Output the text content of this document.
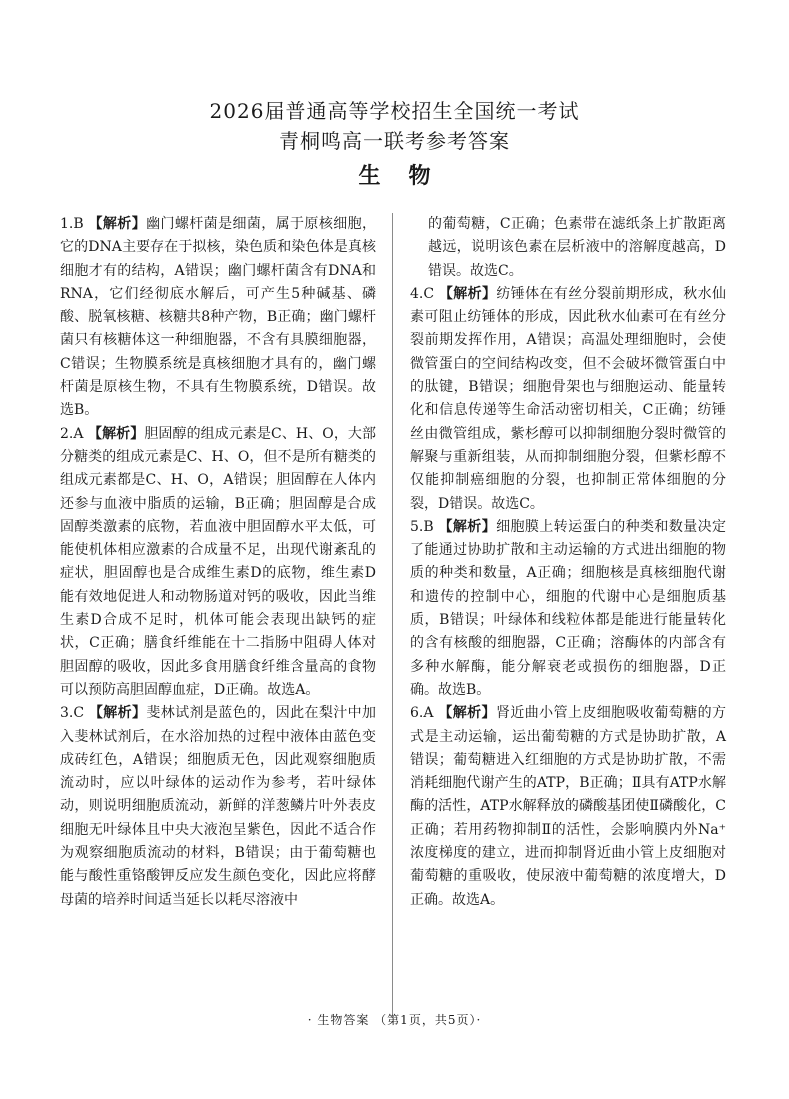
2026届普通高等学校招生全国统一考试
青桐鸣高一联考参考答案
生物

1.B 【解析】幽门螺杆菌是细菌，属于原核细胞，它的DNA主要存在于拟核，染色质和染色体是真核细胞才有的结构，A错误；幽门螺杆菌含有DNA和RNA，它们经彻底水解后，可产生5种碱基、磷酸、脱氧核糖、核糖共8种产物，B正确；幽门螺杆菌只有核糖体这一种细胞器，不含有具膜细胞器，C错误；生物膜系统是真核细胞才具有的，幽门螺杆菌是原核生物，不具有生物膜系统，D错误。故选B。

2.A 【解析】胆固醇的组成元素是C、H、O，大部分糖类的组成元素是C、H、O，但不是所有糖类的组成元素都是C、H、O，A错误；胆固醇在人体内还参与血液中脂质的运输，B正确；胆固醇是合成固醇类激素的底物，若血液中胆固醇水平太低，可能使机体相应激素的合成量不足，出现代谢紊乱的症状，胆固醇也是合成维生素D的底物，维生素D能有效地促进人和动物肠道对钙的吸收，因此当维生素D合成不足时，机体可能会表现出缺钙的症状，C正确；膳食纤维能在十二指肠中阻碍人体对胆固醇的吸收，因此多食用膳食纤维含量高的食物可以预防高胆固醇血症，D正确。故选A。

3.C 【解析】斐林试剂是蓝色的，因此在梨汁中加入斐林试剂后，在水浴加热的过程中液体由蓝色变成砖红色，A错误；细胞质无色，因此观察细胞质流动时，应以叶绿体的运动作为参考，若叶绿体动，则说明细胞质流动，新鲜的洋葱鳞片叶外表皮细胞无叶绿体且中央大液泡呈紫色，因此不适合作为观察细胞质流动的材料，B错误；由于葡萄糖也能与酸性重铬酸钾反应发生颜色变化，因此应将酵母菌的培养时间适当延长以耗尽溶液中

的葡萄糖，C正确；色素带在滤纸条上扩散距离越远，说明该色素在层析液中的溶解度越高，D错误。故选C。

4.C 【解析】纺锤体在有丝分裂前期形成，秋水仙素可阻止纺锤体的形成，因此秋水仙素可在有丝分裂前期发挥作用，A错误；高温处理细胞时，会使微管蛋白的空间结构改变，但不会破坏微管蛋白中的肽键，B错误；细胞骨架也与细胞运动、能量转化和信息传递等生命活动密切相关，C正确；纺锤丝由微管组成，紫杉醇可以抑制细胞分裂时微管的解聚与重新组装，从而抑制细胞分裂，但紫杉醇不仅能抑制癌细胞的分裂，也抑制正常体细胞的分裂，D错误。故选C。

5.B 【解析】细胞膜上转运蛋白的种类和数量决定了能通过协助扩散和主动运输的方式进出细胞的物质的种类和数量，A正确；细胞核是真核细胞代谢和遗传的控制中心，细胞的代谢中心是细胞质基质，B错误；叶绿体和线粒体都是能进行能量转化的含有核酸的细胞器，C正确；溶酶体的内部含有多种水解酶，能分解衰老或损伤的细胞器，D正确。故选B。

6.A 【解析】肾近曲小管上皮细胞吸收葡萄糖的方式是主动运输，运出葡萄糖的方式是协助扩散，A错误；葡萄糖进入红细胞的方式是协助扩散，不需消耗细胞代谢产生的ATP，B正确；Ⅱ具有ATP水解酶的活性，ATP水解释放的磷酸基团使Ⅱ磷酸化，C正确；若用药物抑制Ⅱ的活性，会影响膜内外Na⁺浓度梯度的建立，进而抑制肾近曲小管上皮细胞对葡萄糖的重吸收，使尿液中葡萄糖的浓度增大，D正确。故选A。

· 生物答案 （第1页，共5页）·
